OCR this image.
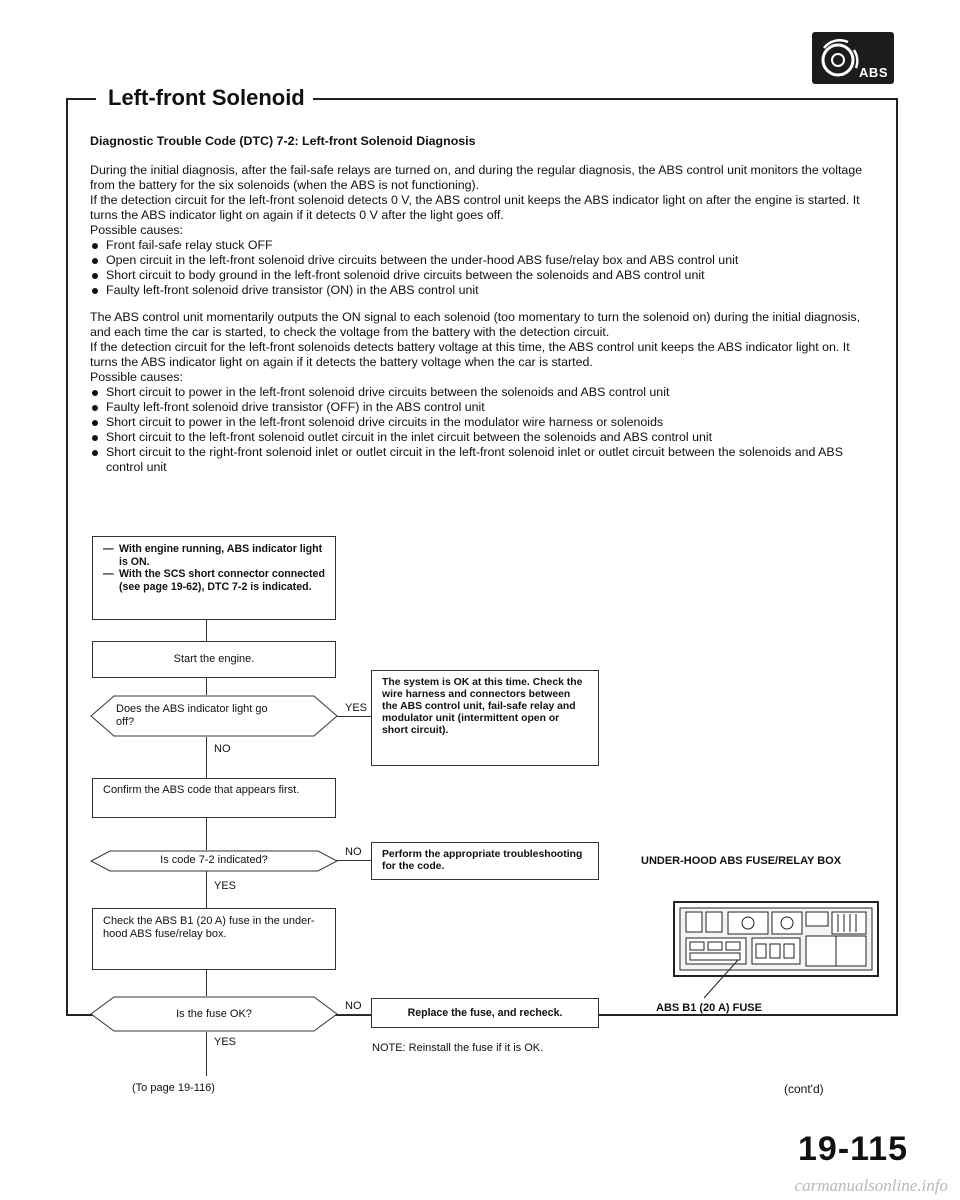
ABS
Left-front Solenoid
Diagnostic Trouble Code (DTC) 7-2: Left-front Solenoid Diagnosis

During the initial diagnosis, after the fail-safe relays are turned on, and during the regular diagnosis, the ABS control unit monitors the voltage from the battery for the six solenoids (when the ABS is not functioning).

If the detection circuit for the left-front solenoid detects 0 V, the ABS control unit keeps the ABS indicator light on after the engine is started. It turns the ABS indicator light on again if it detects 0 V after the light goes off.

Possible causes:

Front fail-safe relay stuck OFF
Open circuit in the left-front solenoid drive circuits between the under-hood ABS fuse/relay box and ABS control unit
Short circuit to body ground in the left-front solenoid drive circuits between the solenoids and ABS control unit
Faulty left-front solenoid drive transistor (ON) in the ABS control unit

The ABS control unit momentarily outputs the ON signal to each solenoid (too momentary to turn the solenoid on) during the initial diagnosis, and each time the car is started, to check the voltage from the battery with the detection circuit.

If the detection circuit for the left-front solenoids detects battery voltage at this time, the ABS control unit keeps the ABS indicator light on. It turns the ABS indicator light on again if it detects the battery voltage when the car is started.

Possible causes:

Short circuit to power in the left-front solenoid drive circuits between the solenoids and ABS control unit
Faulty left-front solenoid drive transistor (OFF) in the ABS control unit
Short circuit to power in the left-front solenoid drive circuits in the modulator wire harness or solenoids
Short circuit to the left-front solenoid outlet circuit in the inlet circuit between the solenoids and ABS control unit
Short circuit to the right-front solenoid inlet or outlet circuit in the left-front solenoid inlet or outlet circuit between the solenoids and ABS control unit
— With engine running, ABS indicator light is ON.
— With the SCS short connector connected (see page 19-62), DTC 7-2 is indicated.
Start the engine.
Does the ABS indicator light go off?
YES
NO
The system is OK at this time. Check the wire harness and connectors between the ABS control unit, fail-safe relay and modulator unit (intermittent open or short circuit).
Confirm the ABS code that appears first.
Is code 7-2 indicated?
NO
YES
Perform the appropriate troubleshooting for the code.
Check the ABS B1 (20 A) fuse in the under-hood ABS fuse/relay box.
Is the fuse OK?
NO
YES
Replace the fuse, and recheck.
NOTE: Reinstall the fuse if it is OK.
(To page 19-116)
UNDER-HOOD ABS FUSE/RELAY BOX
ABS B1 (20 A) FUSE
(cont'd)
19-115
carmanualsonline.info
